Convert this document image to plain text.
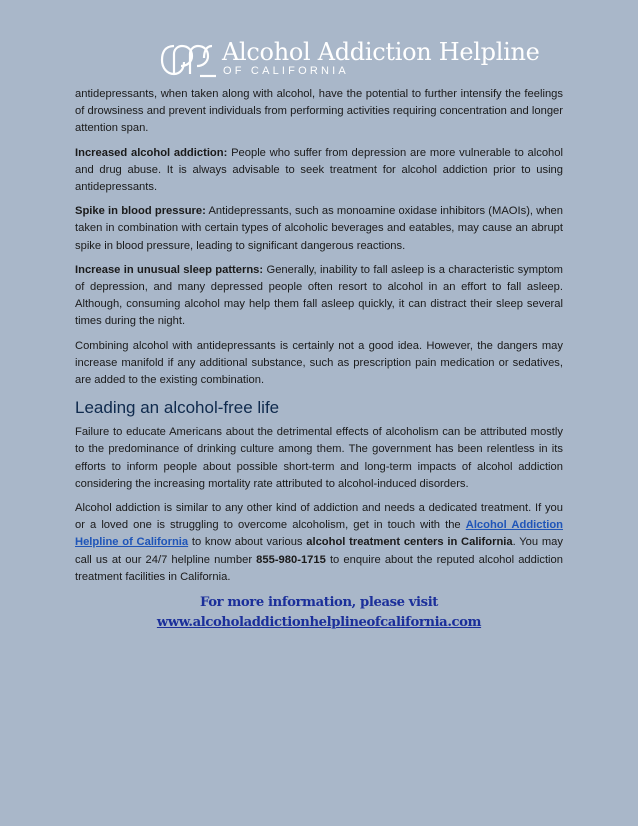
Alcohol Addiction Helpline
OF CALIFORNIA

antidepressants, when taken along with alcohol, have the potential to further intensify the feelings of drowsiness and prevent individuals from performing activities requiring concentration and longer attention span.

Increased alcohol addiction: People who suffer from depression are more vulnerable to alcohol and drug abuse. It is always advisable to seek treatment for alcohol addiction prior to using antidepressants.

Spike in blood pressure: Antidepressants, such as monoamine oxidase inhibitors (MAOIs), when taken in combination with certain types of alcoholic beverages and eatables, may cause an abrupt spike in blood pressure, leading to significant dangerous reactions.

Increase in unusual sleep patterns: Generally, inability to fall asleep is a characteristic symptom of depression, and many depressed people often resort to alcohol in an effort to fall asleep. Although, consuming alcohol may help them fall asleep quickly, it can distract their sleep several times during the night.

Combining alcohol with antidepressants is certainly not a good idea. However, the dangers may increase manifold if any additional substance, such as prescription pain medication or sedatives, are added to the existing combination.

Leading an alcohol-free life

Failure to educate Americans about the detrimental effects of alcoholism can be attributed mostly to the predominance of drinking culture among them. The government has been relentless in its efforts to inform people about possible short-term and long-term impacts of alcohol addiction considering the increasing mortality rate attributed to alcohol-induced disorders.

Alcohol addiction is similar to any other kind of addiction and needs a dedicated treatment. If you or a loved one is struggling to overcome alcoholism, get in touch with the Alcohol Addiction Helpline of California to know about various alcohol treatment centers in California. You may call us at our 24/7 helpline number 855-980-1715 to enquire about the reputed alcohol addiction treatment facilities in California.

For more information, please visit
www.alcoholaddictionhelplineofcalifornia.com
